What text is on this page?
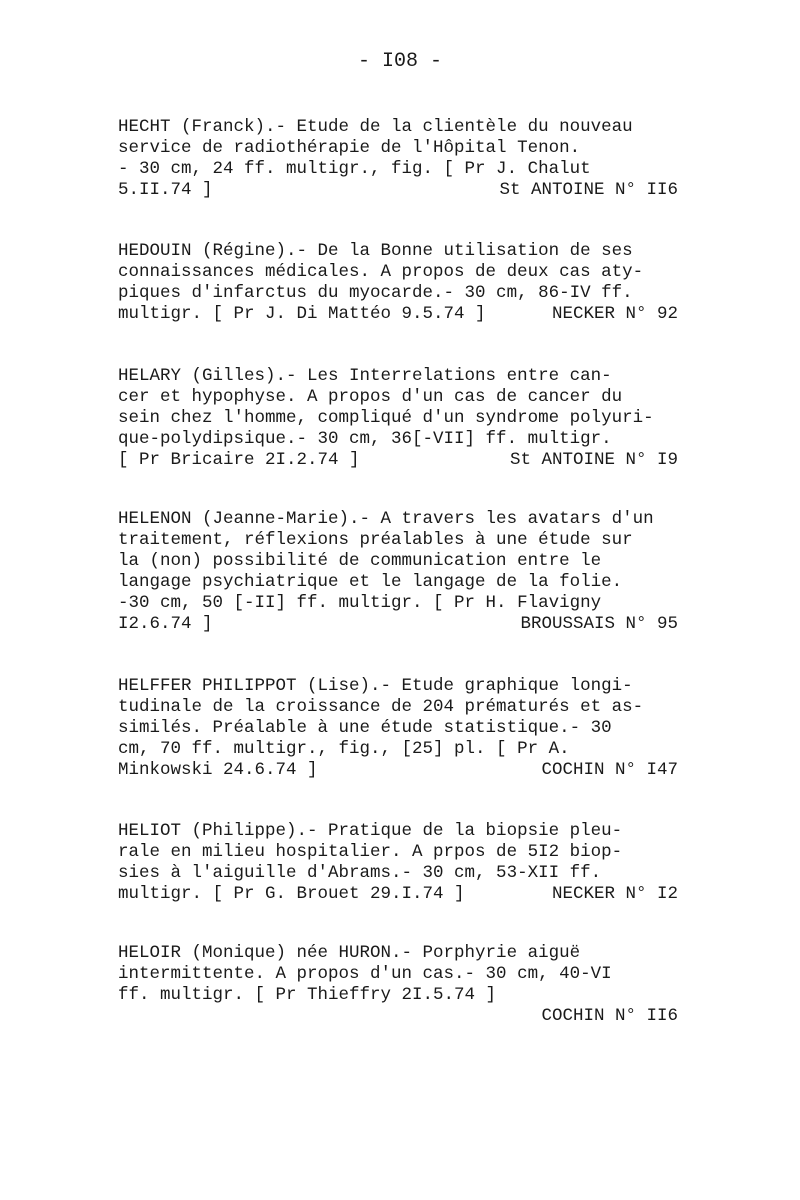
- I08 -
HECHT (Franck).- Etude de la clientèle du nouveau
service de radiothérapie de l'Hôpital Tenon.
- 30 cm, 24 ff. multigr., fig. [ Pr J. Chalut
5.II.74 ]	St ANTOINE N° II6
HEDOUIN (Régine).- De la Bonne utilisation de ses
connaissances médicales. A propos de deux cas aty-
piques d'infarctus du myocarde.- 30 cm, 86-IV ff.
multigr. [ Pr J. Di Mattéo 9.5.74 ]	NECKER N° 92
HELARY (Gilles).- Les Interrelations entre can-
cer et hypophyse. A propos d'un cas de cancer du
sein chez l'homme, compliqué d'un syndrome polyuri-
que-polydipsique.- 30 cm, 36[-VII] ff. multigr.
[ Pr Bricaire 2I.2.74 ]	St ANTOINE N° I9
HELENON (Jeanne-Marie).- A travers les avatars d'un
traitement, réflexions préalables à une étude sur
la (non) possibilité de communication entre le
langage psychiatrique et le langage de la folie.
-30 cm, 50 [-II] ff. multigr. [ Pr H. Flavigny
I2.6.74 ]	BROUSSAIS N° 95
HELFFER PHILIPPOT (Lise).- Etude graphique longi-
tudinale de la croissance de 204 prématurés et as-
similés. Préalable à une étude statistique.- 30
cm, 70 ff. multigr., fig., [25] pl. [ Pr A.
Minkowski 24.6.74 ]	COCHIN N° I47
HELIOT (Philippe).- Pratique de la biopsie pleu-
rale en milieu hospitalier. A prpos de 5I2 biop-
sies à l'aiguille d'Abrams.- 30 cm, 53-XII ff.
multigr. [ Pr G. Brouet 29.I.74 ]	NECKER N° I2
HELOIR (Monique) née HURON.- Porphyrie aiguë
intermittente. A propos d'un cas.- 30 cm, 40-VI
ff. multigr. [ Pr Thieffry 2I.5.74 ]
COCHIN N° II6
